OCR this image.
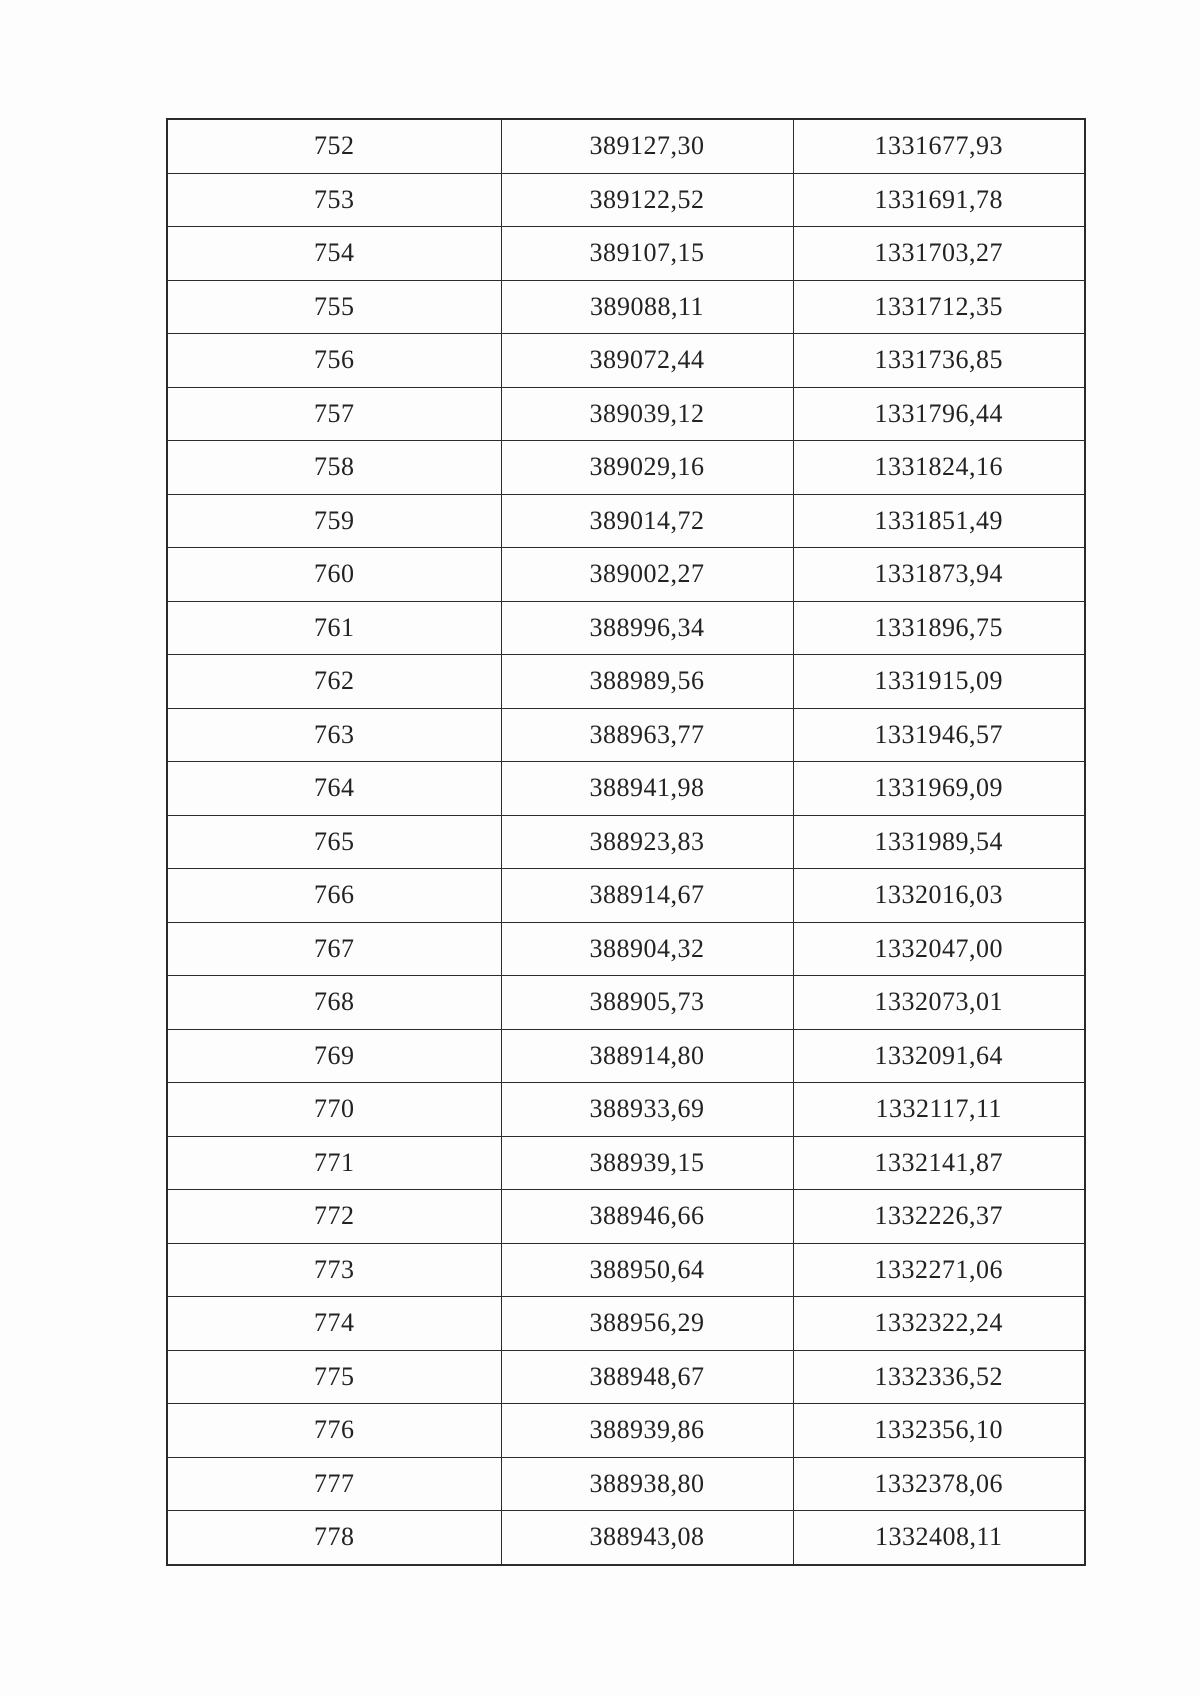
752	389127,30	1331677,93
753	389122,52	1331691,78
754	389107,15	1331703,27
755	389088,11	1331712,35
756	389072,44	1331736,85
757	389039,12	1331796,44
758	389029,16	1331824,16
759	389014,72	1331851,49
760	389002,27	1331873,94
761	388996,34	1331896,75
762	388989,56	1331915,09
763	388963,77	1331946,57
764	388941,98	1331969,09
765	388923,83	1331989,54
766	388914,67	1332016,03
767	388904,32	1332047,00
768	388905,73	1332073,01
769	388914,80	1332091,64
770	388933,69	1332117,11
771	388939,15	1332141,87
772	388946,66	1332226,37
773	388950,64	1332271,06
774	388956,29	1332322,24
775	388948,67	1332336,52
776	388939,86	1332356,10
777	388938,80	1332378,06
778	388943,08	1332408,11
